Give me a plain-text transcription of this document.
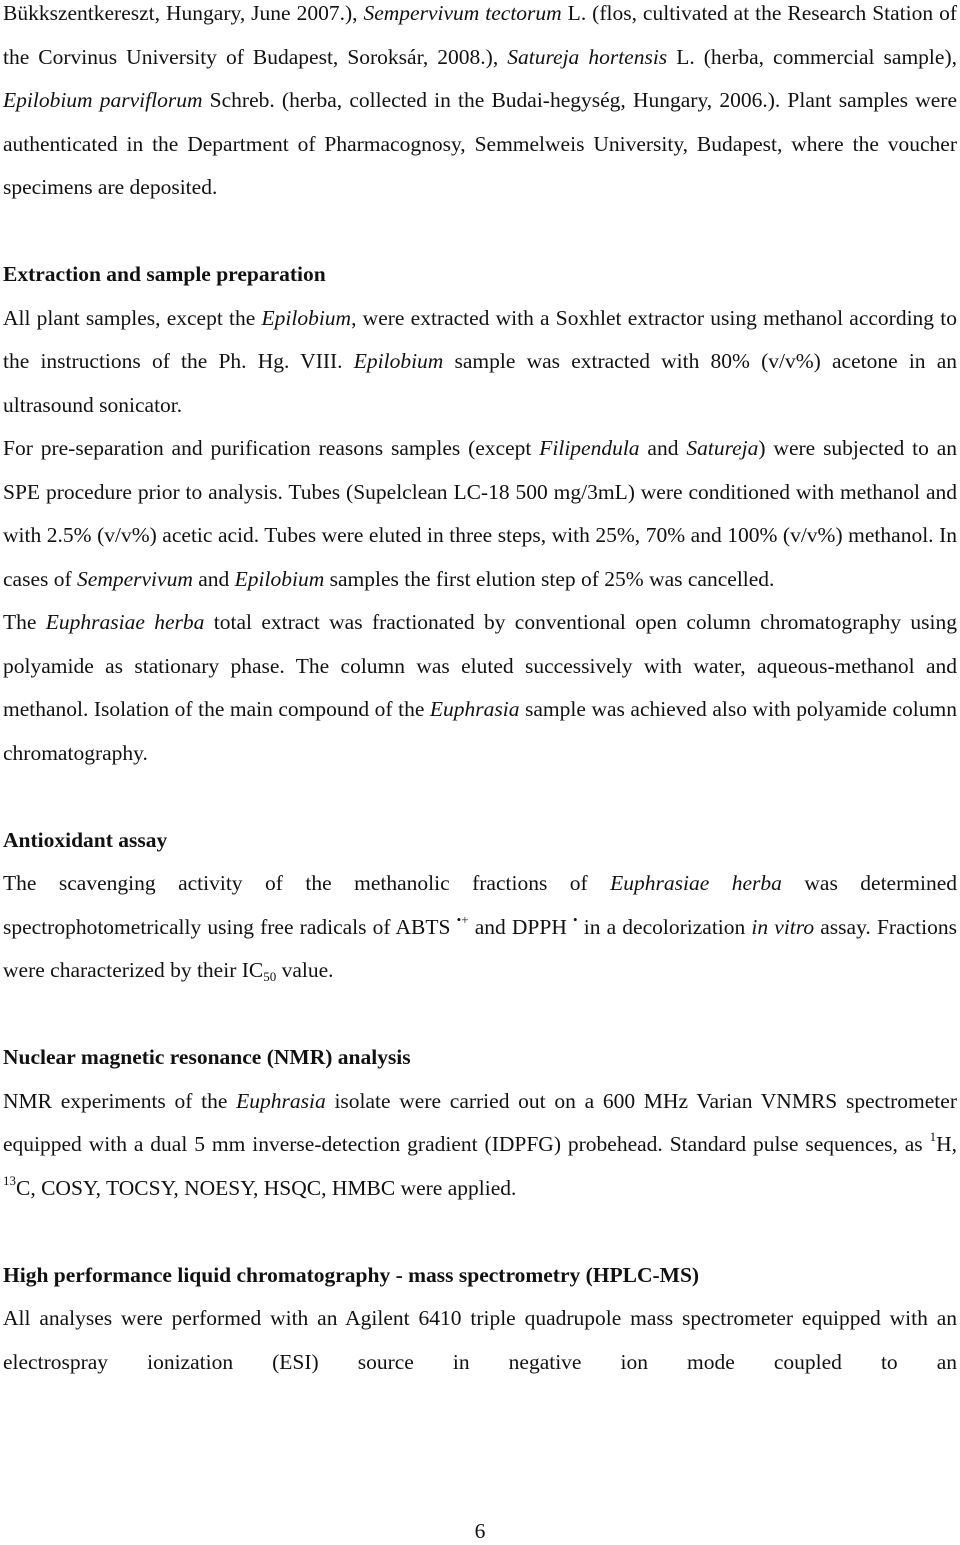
Bükkszentkereszt, Hungary, June 2007.), Sempervivum tectorum L. (flos, cultivated at the Research Station of the Corvinus University of Budapest, Soroksár, 2008.), Satureja hortensis L. (herba, commercial sample), Epilobium parviflorum Schreb. (herba, collected in the Budai-hegység, Hungary, 2006.). Plant samples were authenticated in the Department of Pharmacognosy, Semmelweis University, Budapest, where the voucher specimens are deposited.

Extraction and sample preparation

All plant samples, except the Epilobium, were extracted with a Soxhlet extractor using methanol according to the instructions of the Ph. Hg. VIII. Epilobium sample was extracted with 80% (v/v%) acetone in an ultrasound sonicator.

For pre-separation and purification reasons samples (except Filipendula and Satureja) were subjected to an SPE procedure prior to analysis. Tubes (Supelclean LC-18 500 mg/3mL) were conditioned with methanol and with 2.5% (v/v%) acetic acid. Tubes were eluted in three steps, with 25%, 70% and 100% (v/v%) methanol. In cases of Sempervivum and Epilobium samples the first elution step of 25% was cancelled.

The Euphrasiae herba total extract was fractionated by conventional open column chromatography using polyamide as stationary phase. The column was eluted successively with water, aqueous-methanol and methanol. Isolation of the main compound of the Euphrasia sample was achieved also with polyamide column chromatography.

Antioxidant assay

The scavenging activity of the methanolic fractions of Euphrasiae herba was determined spectrophotometrically using free radicals of ABTS •+ and DPPH • in a decolorization in vitro assay. Fractions were characterized by their $IC_{50}$ value.

Nuclear magnetic resonance (NMR) analysis

NMR experiments of the Euphrasia isolate were carried out on a 600 MHz Varian VNMRS spectrometer equipped with a dual 5 mm inverse-detection gradient (IDPFG) probehead. Standard pulse sequences, as $^1$H, $^{13}$C, COSY, TOCSY, NOESY, HSQC, HMBC were applied.

High performance liquid chromatography - mass spectrometry (HPLC-MS)

All analyses were performed with an Agilent 6410 triple quadrupole mass spectrometer equipped with an electrospray ionization (ESI) source in negative ion mode coupled to an

6
